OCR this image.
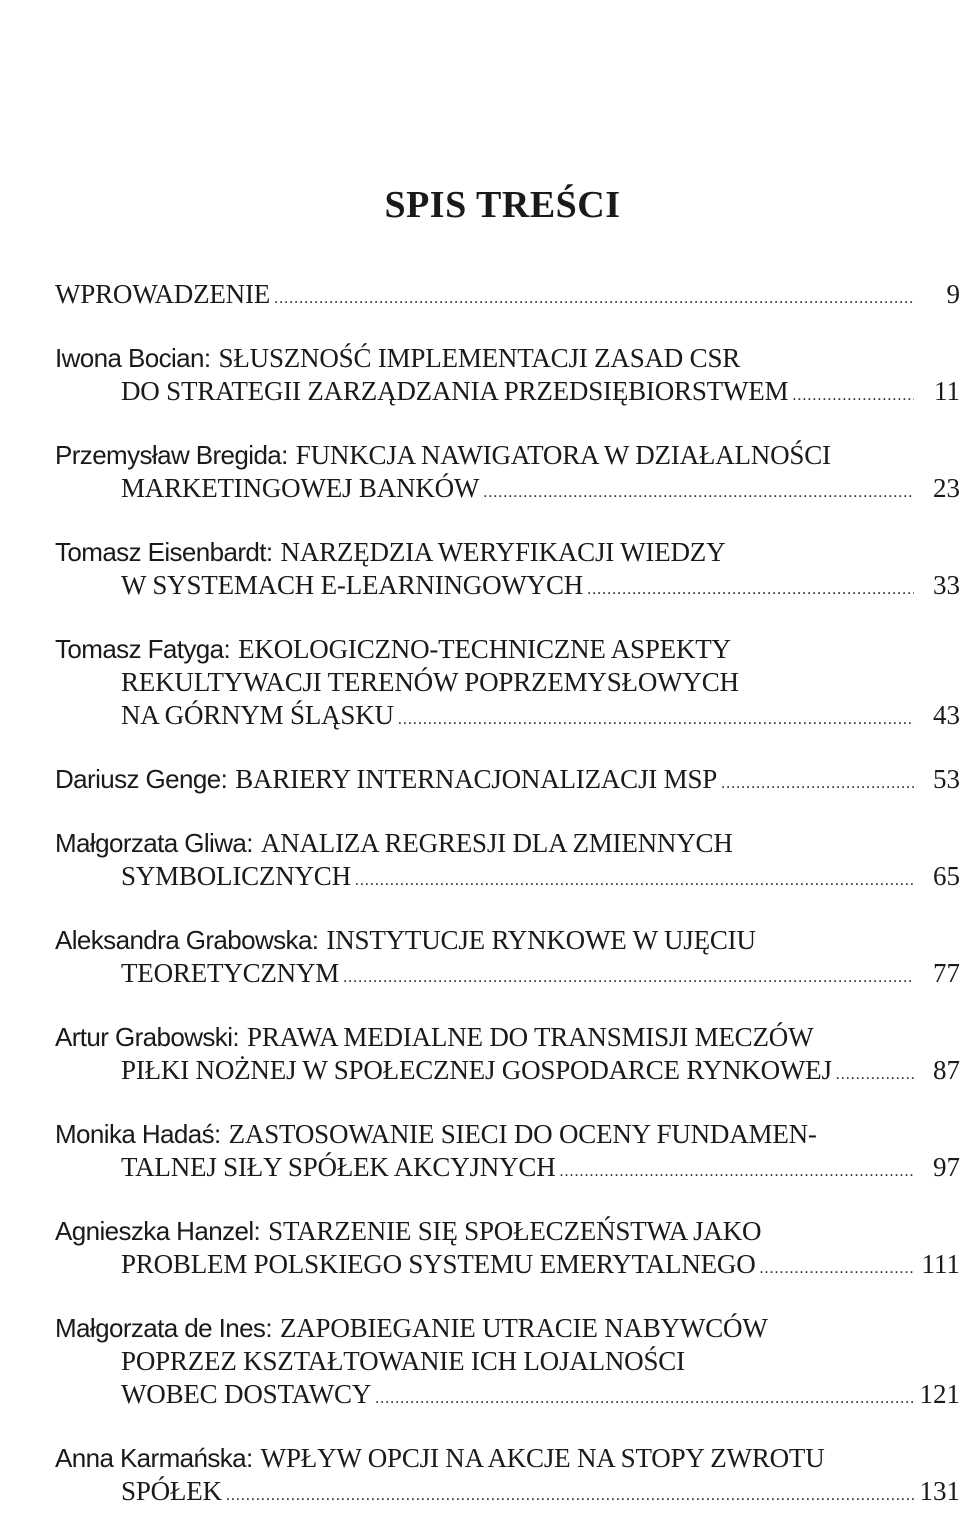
SPIS TREŚCI
WPROWADZENIE .....	9
Iwona Bocian: SŁUSZNOŚĆ IMPLEMENTACJI ZASAD CSR
DO STRATEGII ZARZĄDZANIA PRZEDSIĘBIORSTWEM .....	11
Przemysław Bregida: FUNKCJA NAWIGATORA W DZIAŁALNOŚCI
MARKETINGOWEJ BANKÓW .....	23
Tomasz Eisenbardt: NARZĘDZIA WERYFIKACJI WIEDZY
W SYSTEMACH E-LEARNINGOWYCH .....	33
Tomasz Fatyga: EKOLOGICZNO-TECHNICZNE ASPEKTY
REKULTYWACJI TERENÓW POPRZEMYSŁOWYCH
NA GÓRNYM ŚLĄSKU .....	43
Dariusz Genge: BARIERY INTERNACJONALIZACJI MSP .....	53
Małgorzata Gliwa: ANALIZA REGRESJI DLA ZMIENNYCH
SYMBOLICZNYCH .....	65
Aleksandra Grabowska: INSTYTUCJE RYNKOWE W UJĘCIU
TEORETYCZNYM .....	77
Artur Grabowski: PRAWA MEDIALNE DO TRANSMISJI MECZÓW
PIŁKI NOŻNEJ W SPOŁECZNEJ GOSPODARCE RYNKOWEJ .....	87
Monika Hadaś: ZASTOSOWANIE SIECI DO OCENY FUNDAMEN-
TALNEJ SIŁY SPÓŁEK AKCYJNYCH .....	97
Agnieszka Hanzel: STARZENIE SIĘ SPOŁECZEŃSTWA JAKO
PROBLEM POLSKIEGO SYSTEMU EMERYTALNEGO .....	111
Małgorzata de Ines: ZAPOBIEGANIE UTRACIE NABYWCÓW
POPRZEZ KSZTAŁTOWANIE ICH LOJALNOŚCI
WOBEC DOSTAWCY .....	121
Anna Karmańska: WPŁYW OPCJI NA AKCJE NA STOPY ZWROTU
SPÓŁEK .....	131
